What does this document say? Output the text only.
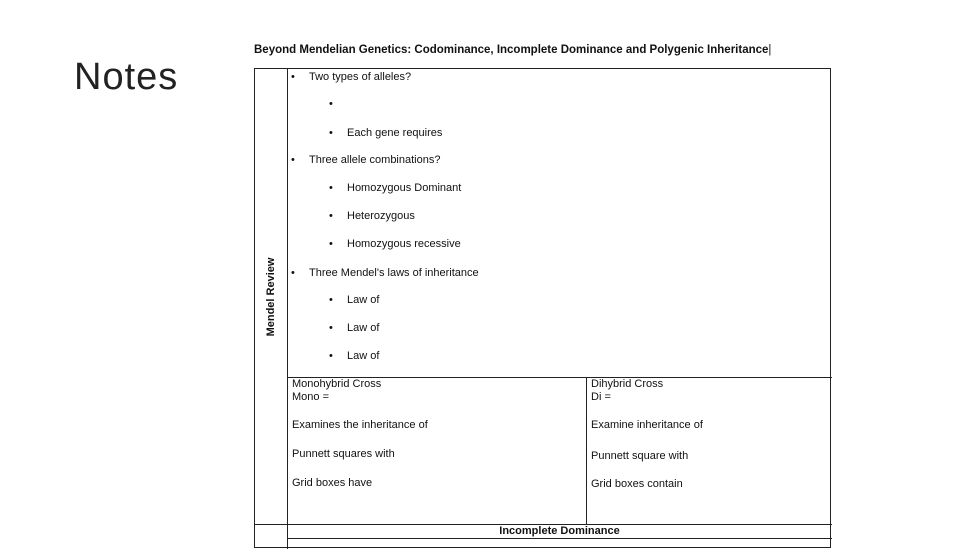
Notes
Beyond Mendelian Genetics: Codominance, Incomplete Dominance and Polygenic Inheritance|
Mendel Review
• Two types of alleles?
•
• Each gene requires
• Three allele combinations?
• Homozygous Dominant
• Heterozygous
• Homozygous recessive
• Three Mendel's laws of inheritance
• Law of
• Law of
• Law of
Monohybrid Cross
Mono =
Examines the inheritance of
Punnett squares with
Grid boxes have
Dihybrid Cross
Di =
Examine inheritance of
Punnett square with
Grid boxes contain
Incomplete Dominance
